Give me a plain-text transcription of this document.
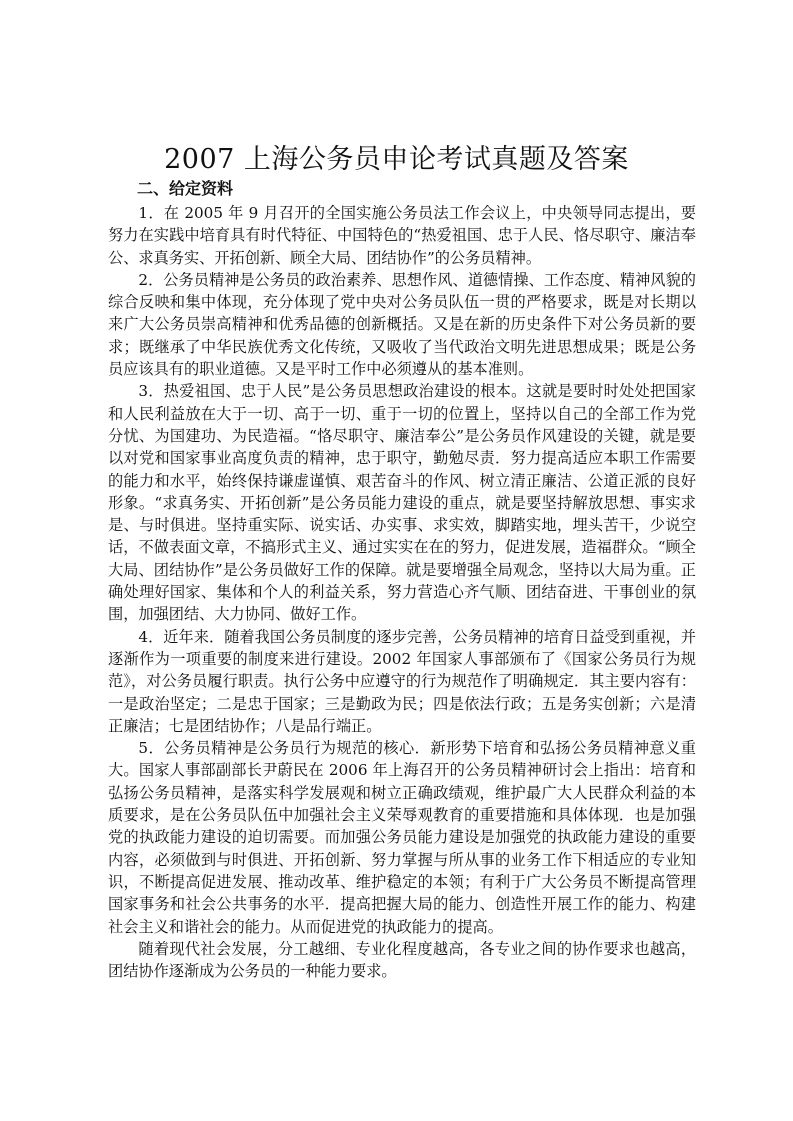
2007 上海公务员申论考试真题及答案
二、给定资料

1．在 2005 年 9 月召开的全国实施公务员法工作会议上，中央领导同志提出，要努力在实践中培育具有时代特征、中国特色的“热爱祖国、忠于人民、恪尽职守、廉洁奉公、求真务实、开拓创新、顾全大局、团结协作”的公务员精神。

2．公务员精神是公务员的政治素养、思想作风、道德情操、工作态度、精神风貌的综合反映和集中体现，充分体现了党中央对公务员队伍一贯的严格要求，既是对长期以来广大公务员崇高精神和优秀品德的创新概括。又是在新的历史条件下对公务员新的要求；既继承了中华民族优秀文化传统，又吸收了当代政治文明先进思想成果；既是公务员应该具有的职业道德。又是平时工作中必须遵从的基本准则。

3．热爱祖国、忠于人民”是公务员思想政治建设的根本。这就是要时时处处把国家和人民利益放在大于一切、高于一切、重于一切的位置上，坚持以自己的全部工作为党分忧、为国建功、为民造福。“恪尽职守、廉洁奉公”是公务员作风建设的关键，就是要以对党和国家事业高度负责的精神，忠于职守，勤勉尽责．努力提高适应本职工作需要的能力和水平，始终保持谦虚谨慎、艰苦奋斗的作风、树立清正廉洁、公道正派的良好形象。“求真务实、开拓创新”是公务员能力建设的重点，就是要坚持解放思想、事实求是、与时俱进。坚持重实际、说实话、办实事、求实效，脚踏实地，埋头苦干，少说空话，不做表面文章，不搞形式主义、通过实实在在的努力，促进发展，造福群众。“顾全大局、团结协作”是公务员做好工作的保障。就是要增强全局观念，坚持以大局为重。正确处理好国家、集体和个人的利益关系，努力营造心齐气顺、团结奋进、干事创业的氛围，加强团结、大力协同、做好工作。

4．近年来．随着我国公务员制度的逐步完善，公务员精神的培育日益受到重视，并逐渐作为一项重要的制度来进行建设。2002 年国家人事部颁布了《国家公务员行为规范》，对公务员履行职责。执行公务中应遵守的行为规范作了明确规定．其主要内容有：一是政治坚定；二是忠于国家；三是勤政为民；四是依法行政；五是务实创新；六是清正廉洁；七是团结协作；八是品行端正。

5．公务员精神是公务员行为规范的核心．新形势下培育和弘扬公务员精神意义重大。国家人事部副部长尹蔚民在 2006 年上海召开的公务员精神研讨会上指出：培育和弘扬公务员精神，是落实科学发展观和树立正确政绩观，维护最广大人民群众利益的本质要求，是在公务员队伍中加强社会主义荣辱观教育的重要措施和具体体现．也是加强党的执政能力建设的迫切需要。而加强公务员能力建设是加强党的执政能力建设的重要内容，必须做到与时俱进、开拓创新、努力掌握与所从事的业务工作下相适应的专业知识，不断提高促进发展、推动改革、维护稳定的本领；有利于广大公务员不断提高管理国家事务和社会公共事务的水平．提高把握大局的能力、创造性开展工作的能力、构建社会主义和谐社会的能力。从而促进党的执政能力的提高。

随着现代社会发展，分工越细、专业化程度越高，各专业之间的协作要求也越高，团结协作逐渐成为公务员的一种能力要求。
